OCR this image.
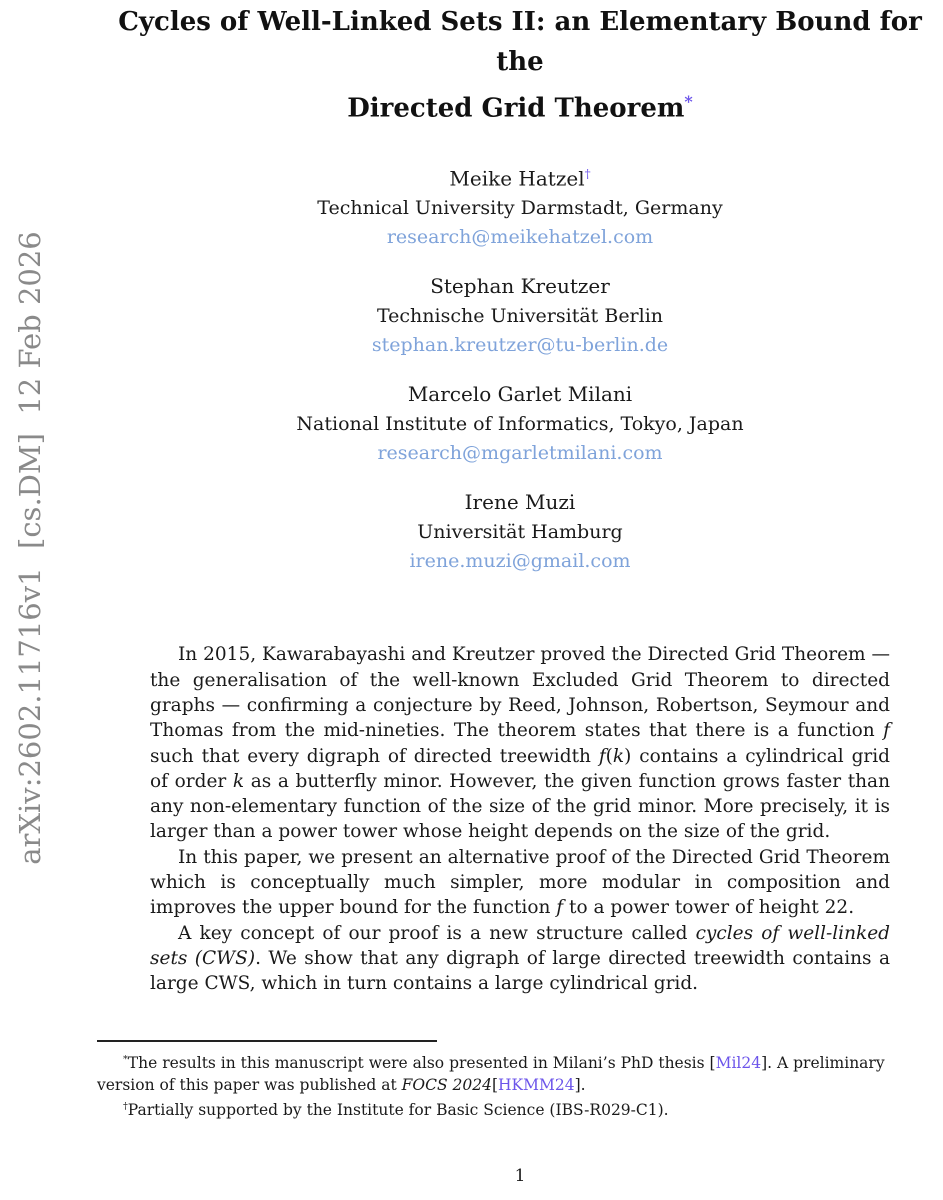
arXiv:2602.11716v1  [cs.DM]  12 Feb 2026
Cycles of Well-Linked Sets II: an Elementary Bound for the
Directed Grid Theorem*
Meike Hatzel†
Technical University Darmstadt, Germany
research@meikehatzel.com
Stephan Kreutzer
Technische Universität Berlin
stephan.kreutzer@tu-berlin.de
Marcelo Garlet Milani
National Institute of Informatics, Tokyo, Japan
research@mgarletmilani.com
Irene Muzi
Universität Hamburg
irene.muzi@gmail.com

In 2015, Kawarabayashi and Kreutzer proved the Directed Grid Theorem — the generalisation of the well-known Excluded Grid Theorem to directed graphs — confirming a conjecture by Reed, Johnson, Robertson, Seymour and Thomas from the mid-nineties. The theorem states that there is a function f such that every digraph of directed treewidth f(k) contains a cylindrical grid of order k as a butterfly minor. However, the given function grows faster than any non-elementary function of the size of the grid minor. More precisely, it is larger than a power tower whose height depends on the size of the grid.

In this paper, we present an alternative proof of the Directed Grid Theorem which is conceptually much simpler, more modular in composition and improves the upper bound for the function f to a power tower of height 22.

A key concept of our proof is a new structure called cycles of well-linked sets (CWS). We show that any digraph of large directed treewidth contains a large CWS, which in turn contains a large cylindrical grid.

*The results in this manuscript were also presented in Milani’s PhD thesis [Mil24]. A preliminary version of this paper was published at FOCS 2024[HKMM24].

†Partially supported by the Institute for Basic Science (IBS-R029-C1).

1
